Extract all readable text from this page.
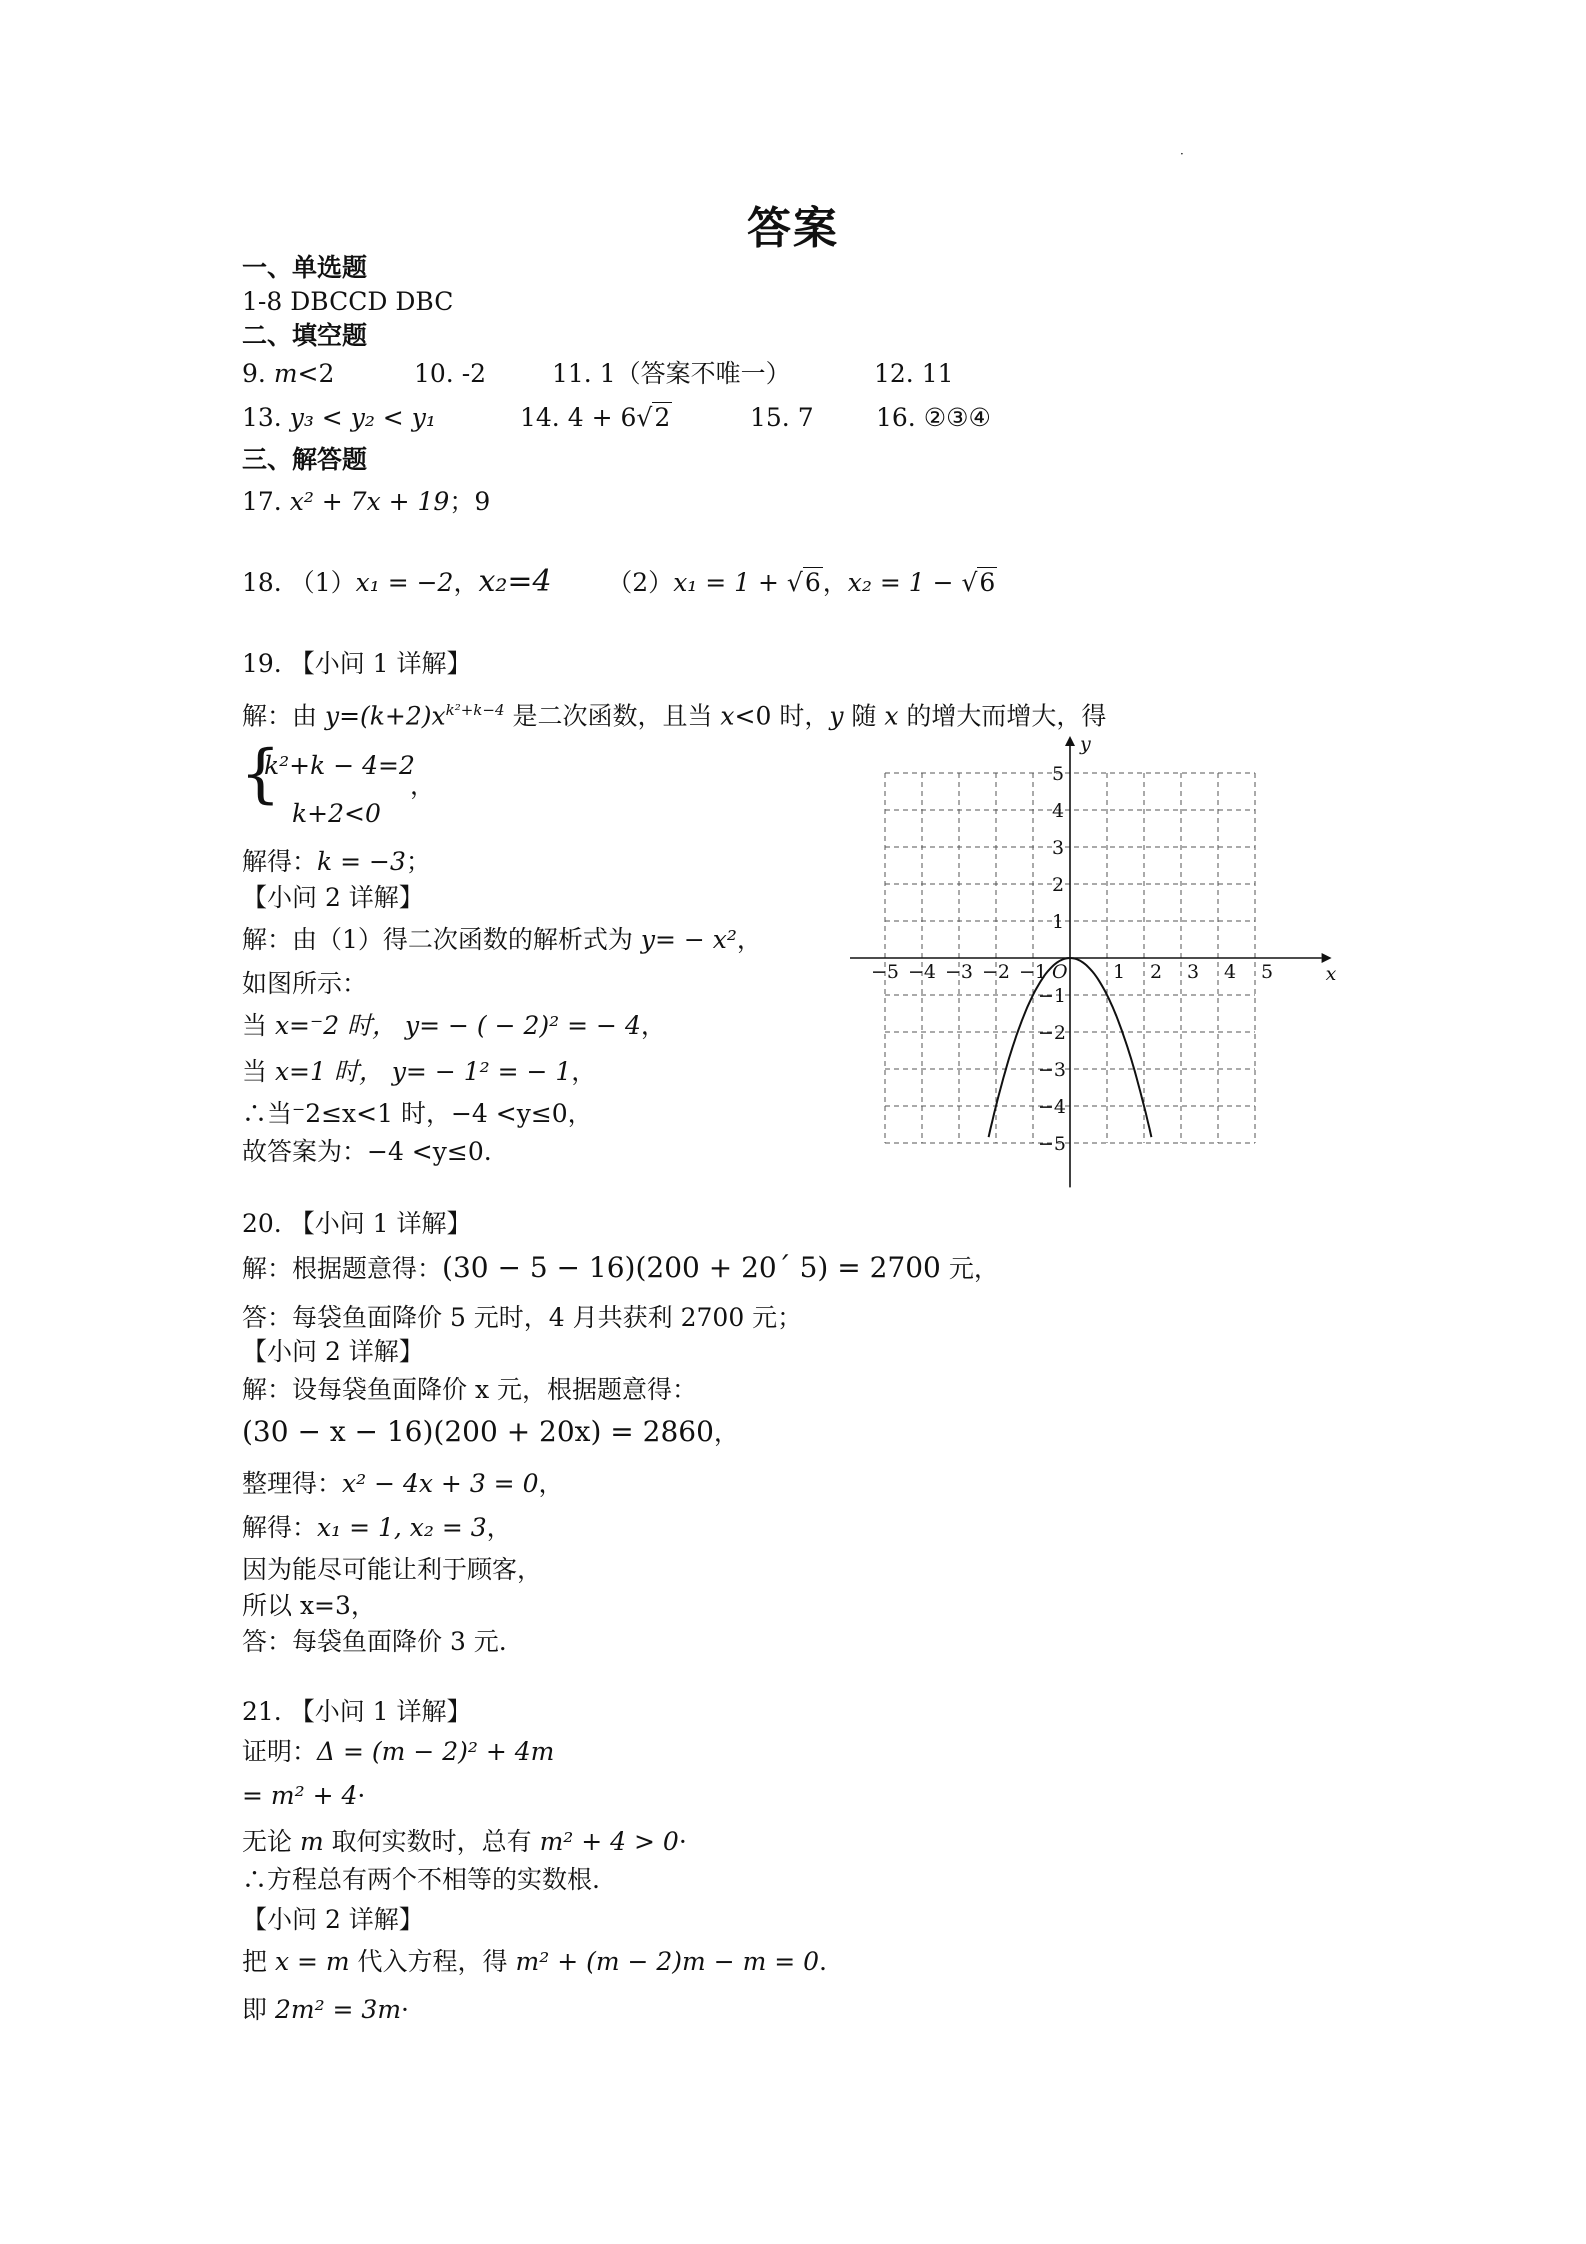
·
答案
一、单选题
1-8 DBCCD DBC
二、填空题
9. m<2	10. -2	11. 1（答案不唯一）	12. 11
13. y₃ < y₂ < y₁	14. 4 + 6√2	15. 7 16. ②③④
三、解答题
17. x² + 7x + 19；9
18. （1）x₁ = −2，x₂=4 （2）x₁ = 1 + √6，x₂ = 1 − √6
19. 【小问 1 详解】
解：由 $y=(k+2)x^{k^2+k-4}$ 是二次函数，且当 x<0 时，y 随 x 的增大而增大，得
{
k²+k − 4=2
，
k+2<0
解得：k = −3；
【小问 2 详解】
解：由（1）得二次函数的解析式为 y= − x²，
如图所示：
当 x=⁻2 时， y= − ( − 2)² = − 4，
当 x=1 时， y= − 1² = − 1，
∴当⁻2≤x<1 时，−4 <y≤0，
故答案为：−4 <y≤0.
−5 −4 −3 −2 −1 O 1 2 3 4 5
1
2
3
4
5
−1
−2
−3
−4
−5
x
y
20. 【小问 1 详解】
解：根据题意得：(30 − 5 − 16)(200 + 20´ 5) = 2700 元，
答：每袋鱼面降价 5 元时，4 月共获利 2700 元；
【小问 2 详解】
解：设每袋鱼面降价 x 元，根据题意得：
(30 − x − 16)(200 + 20x) = 2860，
整理得：x² − 4x + 3 = 0，
解得：x₁ = 1, x₂ = 3，
因为能尽可能让利于顾客，
所以 x=3，
答：每袋鱼面降价 3 元.
21. 【小问 1 详解】
证明：Δ = (m − 2)² + 4m
= m² + 4·
无论 m 取何实数时，总有 m² + 4 > 0·
∴方程总有两个不相等的实数根.
【小问 2 详解】
把 x = m 代入方程，得 m² + (m − 2)m − m = 0.
即 2m² = 3m·
